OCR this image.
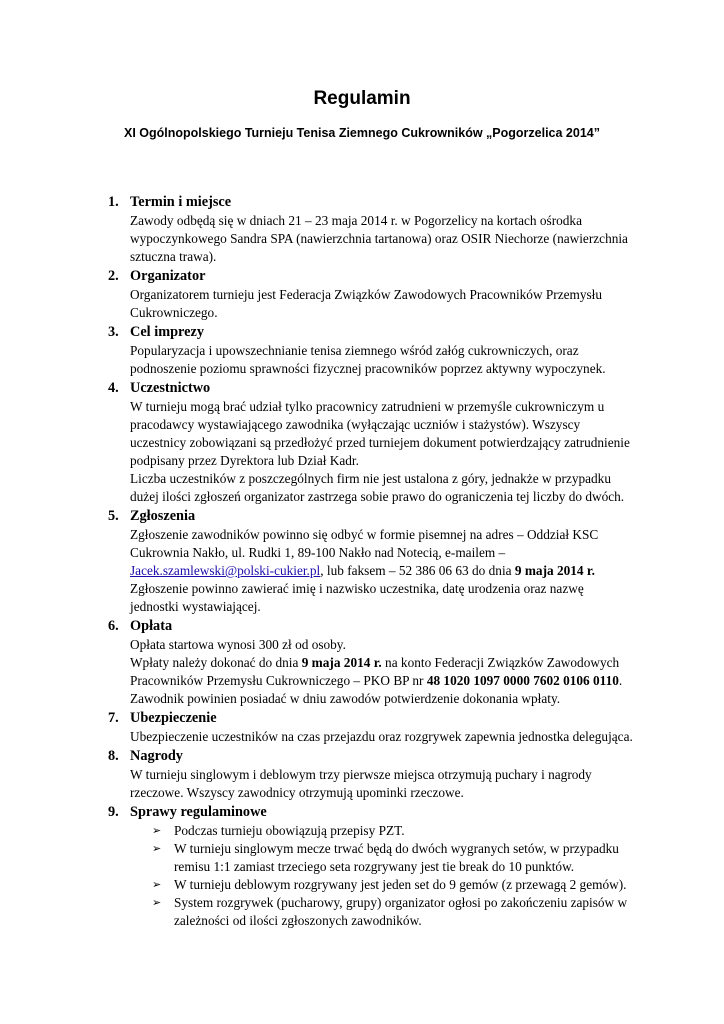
Regulamin
XI Ogólnopolskiego Turnieju Tenisa Ziemnego Cukrowników „Pogorzelica 2014”
1. Termin i miejsce
Zawody odbędą się w dniach 21 – 23 maja 2014 r. w Pogorzelicy na kortach ośrodka
wypoczynkowego Sandra SPA (nawierzchnia tartanowa) oraz OSIR Niechorze (nawierzchnia
sztuczna trawa).
2. Organizator
Organizatorem turnieju jest Federacja Związków Zawodowych Pracowników Przemysłu
Cukrowniczego.
3. Cel imprezy
Popularyzacja i upowszechnianie tenisa ziemnego wśród załóg cukrowniczych, oraz
podnoszenie poziomu sprawności fizycznej pracowników poprzez aktywny wypoczynek.
4. Uczestnictwo
W turnieju mogą brać udział tylko pracownicy zatrudnieni w przemyśle cukrowniczym u
pracodawcy wystawiającego zawodnika (wyłączając uczniów i stażystów). Wszyscy
uczestnicy zobowiązani są przedłożyć przed turniejem dokument potwierdzający zatrudnienie
podpisany przez Dyrektora lub Dział Kadr.
Liczba uczestników z poszczególnych firm nie jest ustalona z góry, jednakże w przypadku
dużej ilości zgłoszeń organizator zastrzega sobie prawo do ograniczenia tej liczby do dwóch.
5. Zgłoszenia
Zgłoszenie zawodników powinno się odbyć w formie pisemnej na adres – Oddział KSC
Cukrownia Nakło, ul. Rudki 1, 89-100 Nakło nad Notecią, e-mailem –
Jacek.szamlewski@polski-cukier.pl, lub faksem – 52 386 06 63 do dnia 9 maja 2014 r.
Zgłoszenie powinno zawierać imię i nazwisko uczestnika, datę urodzenia oraz nazwę
jednostki wystawiającej.
6. Opłata
Opłata startowa wynosi 300 zł od osoby.
Wpłaty należy dokonać do dnia 9 maja 2014 r. na konto Federacji Związków Zawodowych
Pracowników Przemysłu Cukrowniczego – PKO BP nr 48 1020 1097 0000 7602 0106 0110.
Zawodnik powinien posiadać w dniu zawodów potwierdzenie dokonania wpłaty.
7. Ubezpieczenie
Ubezpieczenie uczestników na czas przejazdu oraz rozgrywek zapewnia jednostka delegująca.
8. Nagrody
W turnieju singlowym i deblowym trzy pierwsze miejsca otrzymują puchary i nagrody
rzeczowe. Wszyscy zawodnicy otrzymują upominki rzeczowe.
9. Sprawy regulaminowe
➢ Podczas turnieju obowiązują przepisy PZT.
➢ W turnieju singlowym mecze trwać będą do dwóch wygranych setów, w przypadku
remisu 1:1 zamiast trzeciego seta rozgrywany jest tie break do 10 punktów.
➢ W turnieju deblowym rozgrywany jest jeden set do 9 gemów (z przewagą 2 gemów).
➢ System rozgrywek (pucharowy, grupy) organizator ogłosi po zakończeniu zapisów w
zależności od ilości zgłoszonych zawodników.
